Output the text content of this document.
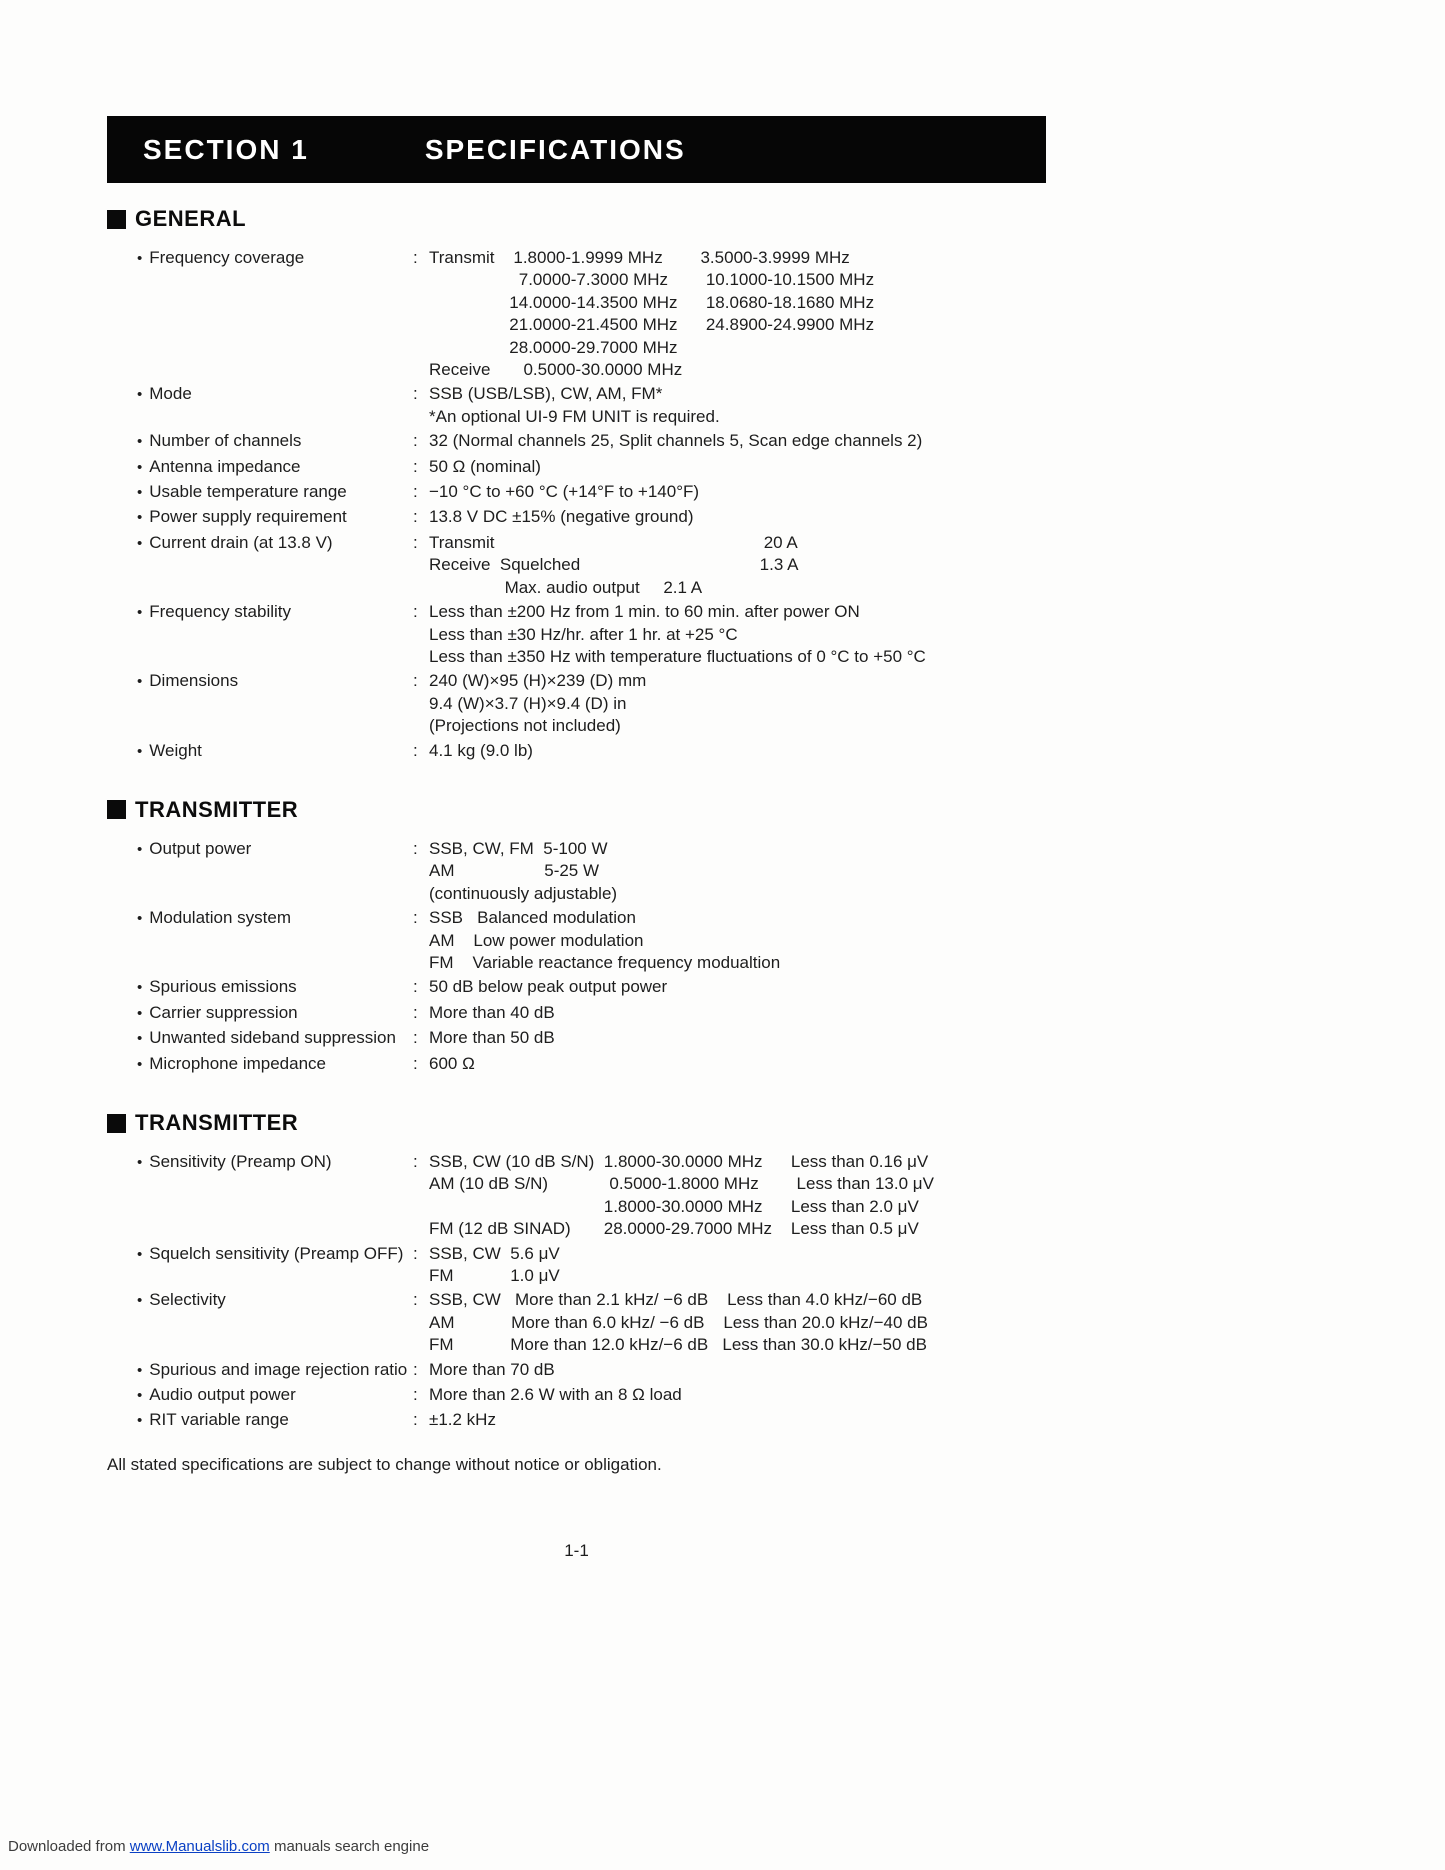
SECTION 1	SPECIFICATIONS
GENERAL
• Frequency coverage	: Transmit    1.8000-1.9999 MHz        3.5000-3.9999 MHz
7.0000-7.3000 MHz        10.1000-10.1500 MHz
14.0000-14.3500 MHz      18.0680-18.1680 MHz
21.0000-21.4500 MHz      24.8900-24.9900 MHz
28.0000-29.7000 MHz
Receive       0.5000-30.0000 MHz
• Mode	: SSB (USB/LSB), CW, AM, FM*
*An optional UI-9 FM UNIT is required.
• Number of channels	: 32 (Normal channels 25, Split channels 5, Scan edge channels 2)
• Antenna impedance	: 50 Ω (nominal)
• Usable temperature range	: −10 °C to +60 °C (+14°F to +140°F)
• Power supply requirement	: 13.8 V DC ±15% (negative ground)
• Current drain (at 13.8 V)	: Transmit                                                         20 A
Receive  Squelched                                      1.3 A
Max. audio output     2.1 A
• Frequency stability	: Less than ±200 Hz from 1 min. to 60 min. after power ON
Less than ±30 Hz/hr. after 1 hr. at +25 °C
Less than ±350 Hz with temperature fluctuations of 0 °C to +50 °C
• Dimensions	: 240 (W)×95 (H)×239 (D) mm
9.4 (W)×3.7 (H)×9.4 (D) in
(Projections not included)
• Weight	: 4.1 kg (9.0 lb)
TRANSMITTER
• Output power	: SSB, CW, FM  5-100 W
AM                   5-25 W
(continuously adjustable)
• Modulation system	: SSB   Balanced modulation
AM    Low power modulation
FM    Variable reactance frequency modualtion
• Spurious emissions	: 50 dB below peak output power
• Carrier suppression	: More than 40 dB
• Unwanted sideband suppression : More than 50 dB
• Microphone impedance	: 600 Ω
TRANSMITTER
• Sensitivity (Preamp ON)	: SSB, CW (10 dB S/N)  1.8000-30.0000 MHz      Less than 0.16 μV
AM (10 dB S/N)             0.5000-1.8000 MHz        Less than 13.0 μV
1.8000-30.0000 MHz      Less than 2.0 μV
FM (12 dB SINAD)       28.0000-29.7000 MHz    Less than 0.5 μV
• Squelch sensitivity (Preamp OFF) : SSB, CW  5.6 μV
FM            1.0 μV
• Selectivity	: SSB, CW   More than 2.1 kHz/ −6 dB    Less than 4.0 kHz/−60 dB
AM            More than 6.0 kHz/ −6 dB    Less than 20.0 kHz/−40 dB
FM            More than 12.0 kHz/−6 dB   Less than 30.0 kHz/−50 dB
• Spurious and image rejection ratio : More than 70 dB
• Audio output power	: More than 2.6 W with an 8 Ω load
• RIT variable range	: ±1.2 kHz

All stated specifications are subject to change without notice or obligation.

1-1
Downloaded from www.Manualslib.com manuals search engine
